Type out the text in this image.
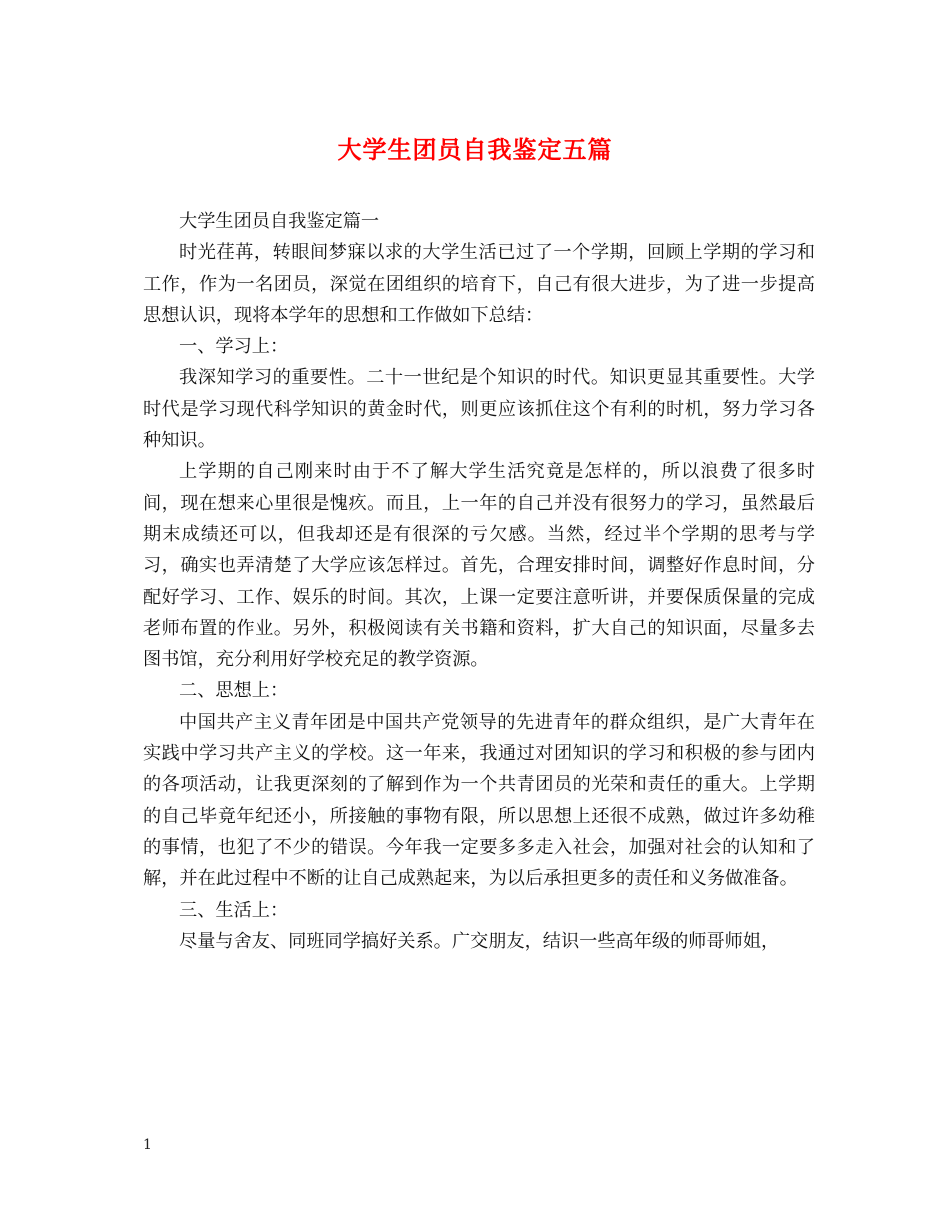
大学生团员自我鉴定五篇

大学生团员自我鉴定篇一

时光荏苒，转眼间梦寐以求的大学生活已过了一个学期，回顾上学期的学习和工作，作为一名团员，深觉在团组织的培育下，自己有很大进步，为了进一步提高思想认识，现将本学年的思想和工作做如下总结：

一、学习上：

我深知学习的重要性。二十一世纪是个知识的时代。知识更显其重要性。大学时代是学习现代科学知识的黄金时代，则更应该抓住这个有利的时机，努力学习各种知识。

上学期的自己刚来时由于不了解大学生活究竟是怎样的，所以浪费了很多时间，现在想来心里很是愧疚。而且，上一年的自己并没有很努力的学习，虽然最后期末成绩还可以，但我却还是有很深的亏欠感。当然，经过半个学期的思考与学习，确实也弄清楚了大学应该怎样过。首先，合理安排时间，调整好作息时间，分配好学习、工作、娱乐的时间。其次，上课一定要注意听讲，并要保质保量的完成老师布置的作业。另外，积极阅读有关书籍和资料，扩大自己的知识面，尽量多去图书馆，充分利用好学校充足的教学资源。

二、思想上：

中国共产主义青年团是中国共产党领导的先进青年的群众组织，是广大青年在实践中学习共产主义的学校。这一年来，我通过对团知识的学习和积极的参与团内的各项活动，让我更深刻的了解到作为一个共青团员的光荣和责任的重大。上学期的自己毕竟年纪还小，所接触的事物有限，所以思想上还很不成熟，做过许多幼稚的事情，也犯了不少的错误。今年我一定要多多走入社会，加强对社会的认知和了解，并在此过程中不断的让自己成熟起来，为以后承担更多的责任和义务做准备。

三、生活上：

尽量与舍友、同班同学搞好关系。广交朋友，结识一些高年级的师哥师姐，

1
